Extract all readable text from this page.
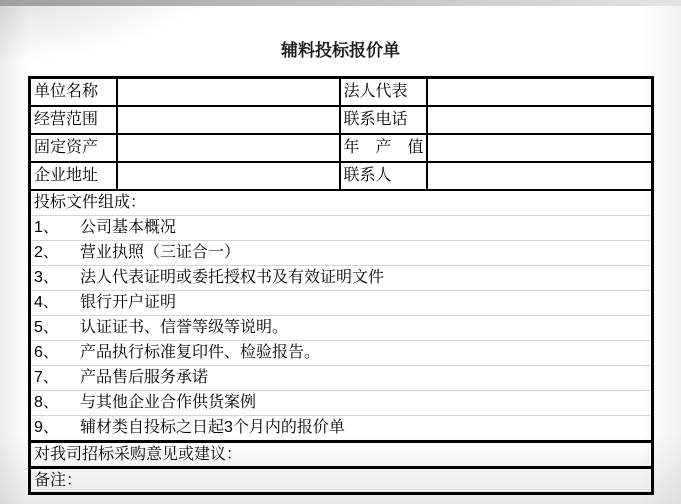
辅料投标报价单
单位名称		法人代表	
经营范围		联系电话	
固定资产		年　产　值	
企业地址		联系人	
投标文件组成：			
1、 公司基本概况			
2、 营业执照（三证合一）			
3、 法人代表证明或委托授权书及有效证明文件			
4、 银行开户证明			
5、 认证证书、信誉等级等说明。			
6、 产品执行标准复印件、检验报告。			
7、 产品售后服务承诺			
8、 与其他企业合作供货案例			
9、 辅材类自投标之日起3个月内的报价单			
对我司招标采购意见或建议：			
备注：			
